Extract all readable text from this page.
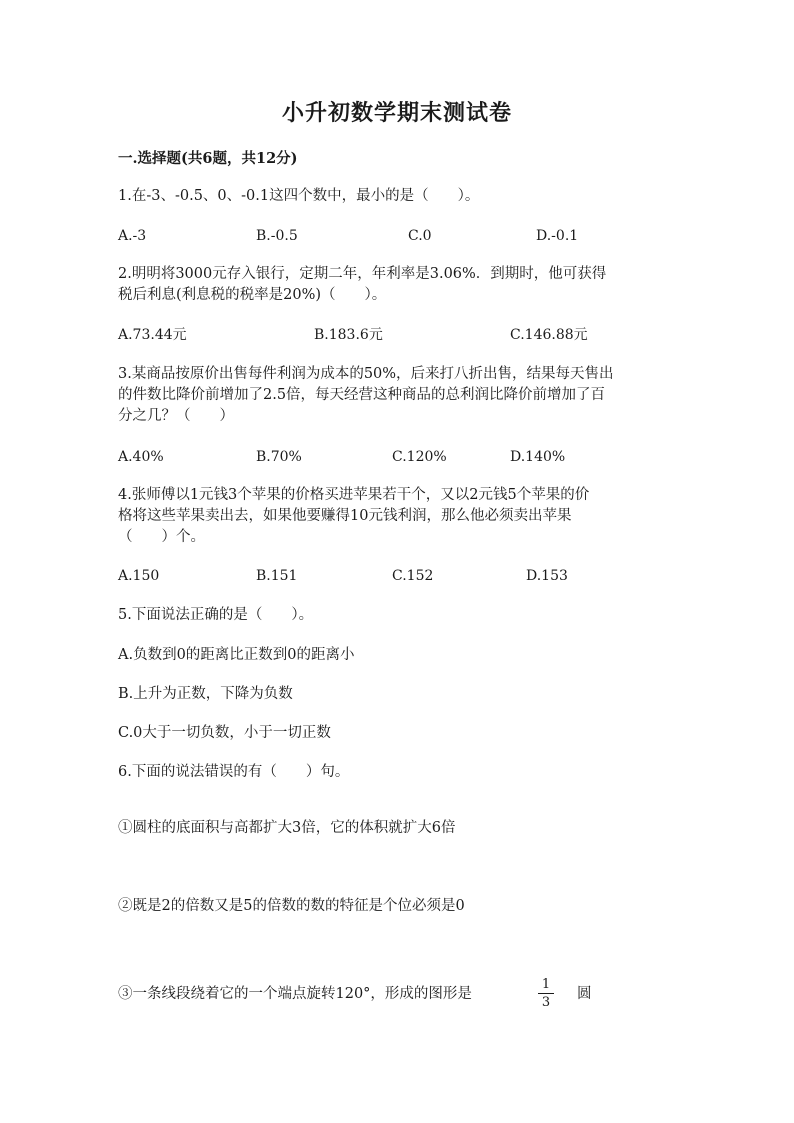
小升初数学期末测试卷
一.选择题(共6题，共12分)
1.在-3、-0.5、0、-0.1这四个数中，最小的是（　　）。
A.-3	B.-0.5	C.0	D.-0.1
2.明明将3000元存入银行，定期二年，年利率是3.06%．到期时，他可获得
税后利息(利息税的税率是20%)（　　）。
A.73.44元	B.183.6元	C.146.88元
3.某商品按原价出售每件利润为成本的50%，后来打八折出售，结果每天售出
的件数比降价前增加了2.5倍，每天经营这种商品的总利润比降价前增加了百
分之几？（　　）
A.40%	B.70%	C.120%	D.140%
4.张师傅以1元钱3个苹果的价格买进苹果若干个，又以2元钱5个苹果的价
格将这些苹果卖出去，如果他要赚得10元钱利润，那么他必须卖出苹果
（　　）个。
A.150	B.151	C.152	D.153
5.下面说法正确的是（　　）。
A.负数到0的距离比正数到0的距离小
B.上升为正数，下降为负数
C.0大于一切负数，小于一切正数
6.下面的说法错误的有（　　）句。
①圆柱的底面积与高都扩大3倍，它的体积就扩大6倍
②既是2的倍数又是5的倍数的数的特征是个位必须是0
③一条线段绕着它的一个端点旋转120°，形成的图形是
1
3
圆
